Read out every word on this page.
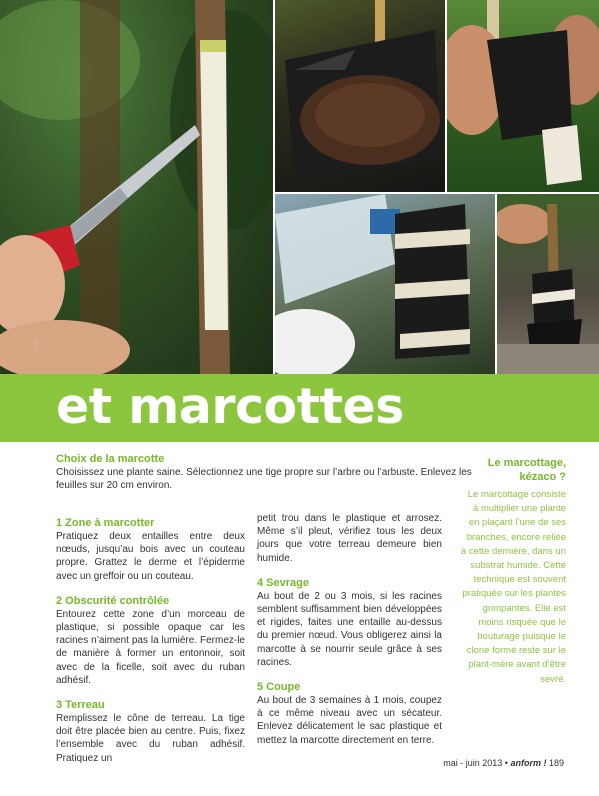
© CT
et marcottes
Choix de la marcotte

Choisissez une plante saine. Sélectionnez une tige propre sur l’arbre ou l’arbuste. Enlevez les feuilles sur 20 cm environ.

1 Zone à marcotter

Pratiquez deux entailles entre deux nœuds, jusqu’au bois avec un couteau propre. Grattez le derme et l’épiderme avec un greffoir ou un couteau.

2 Obscurité contrôlée

Entourez cette zone d’un morceau de plastique, si possible opaque car les racines n’aiment pas la lumière. Fermez-le de manière à former un entonnoir, soit avec de la ficelle, soit avec du ruban adhésif.

3 Terreau

Remplissez le cône de terreau. La tige doit être placée bien au centre. Puis, fixez l’ensemble avec du ruban adhésif. Pratiquez un

petit trou dans le plastique et arrosez. Même s’il pleut, vérifiez tous les deux jours que votre terreau demeure bien humide.

4 Sevrage

Au bout de 2 ou 3 mois, si les racines semblent suffisamment bien développées et rigides, faites une entaille au-dessus du premier nœud. Vous obligerez ainsi la marcotte à se nourrir seule grâce à ses racines.

5 Coupe

Au bout de 3 semaines à 1 mois, coupez à ce même niveau avec un sécateur. Enlevez délicatement le sac plastique et mettez la marcotte directement en terre.

Le marcottage,
kézaco ?

Le marcottage consiste à multiplier une plante en plaçant l’une de ses branches, encore reliée à cette dernière, dans un substrat humide. Cette technique est souvent pratiquée sur les plantes grimpantes. Elle est moins risquée que le bouturage puisque le clone formé reste sur le plant-mère avant d’être sevré.

mai - juin 2013 • anform ! 189
